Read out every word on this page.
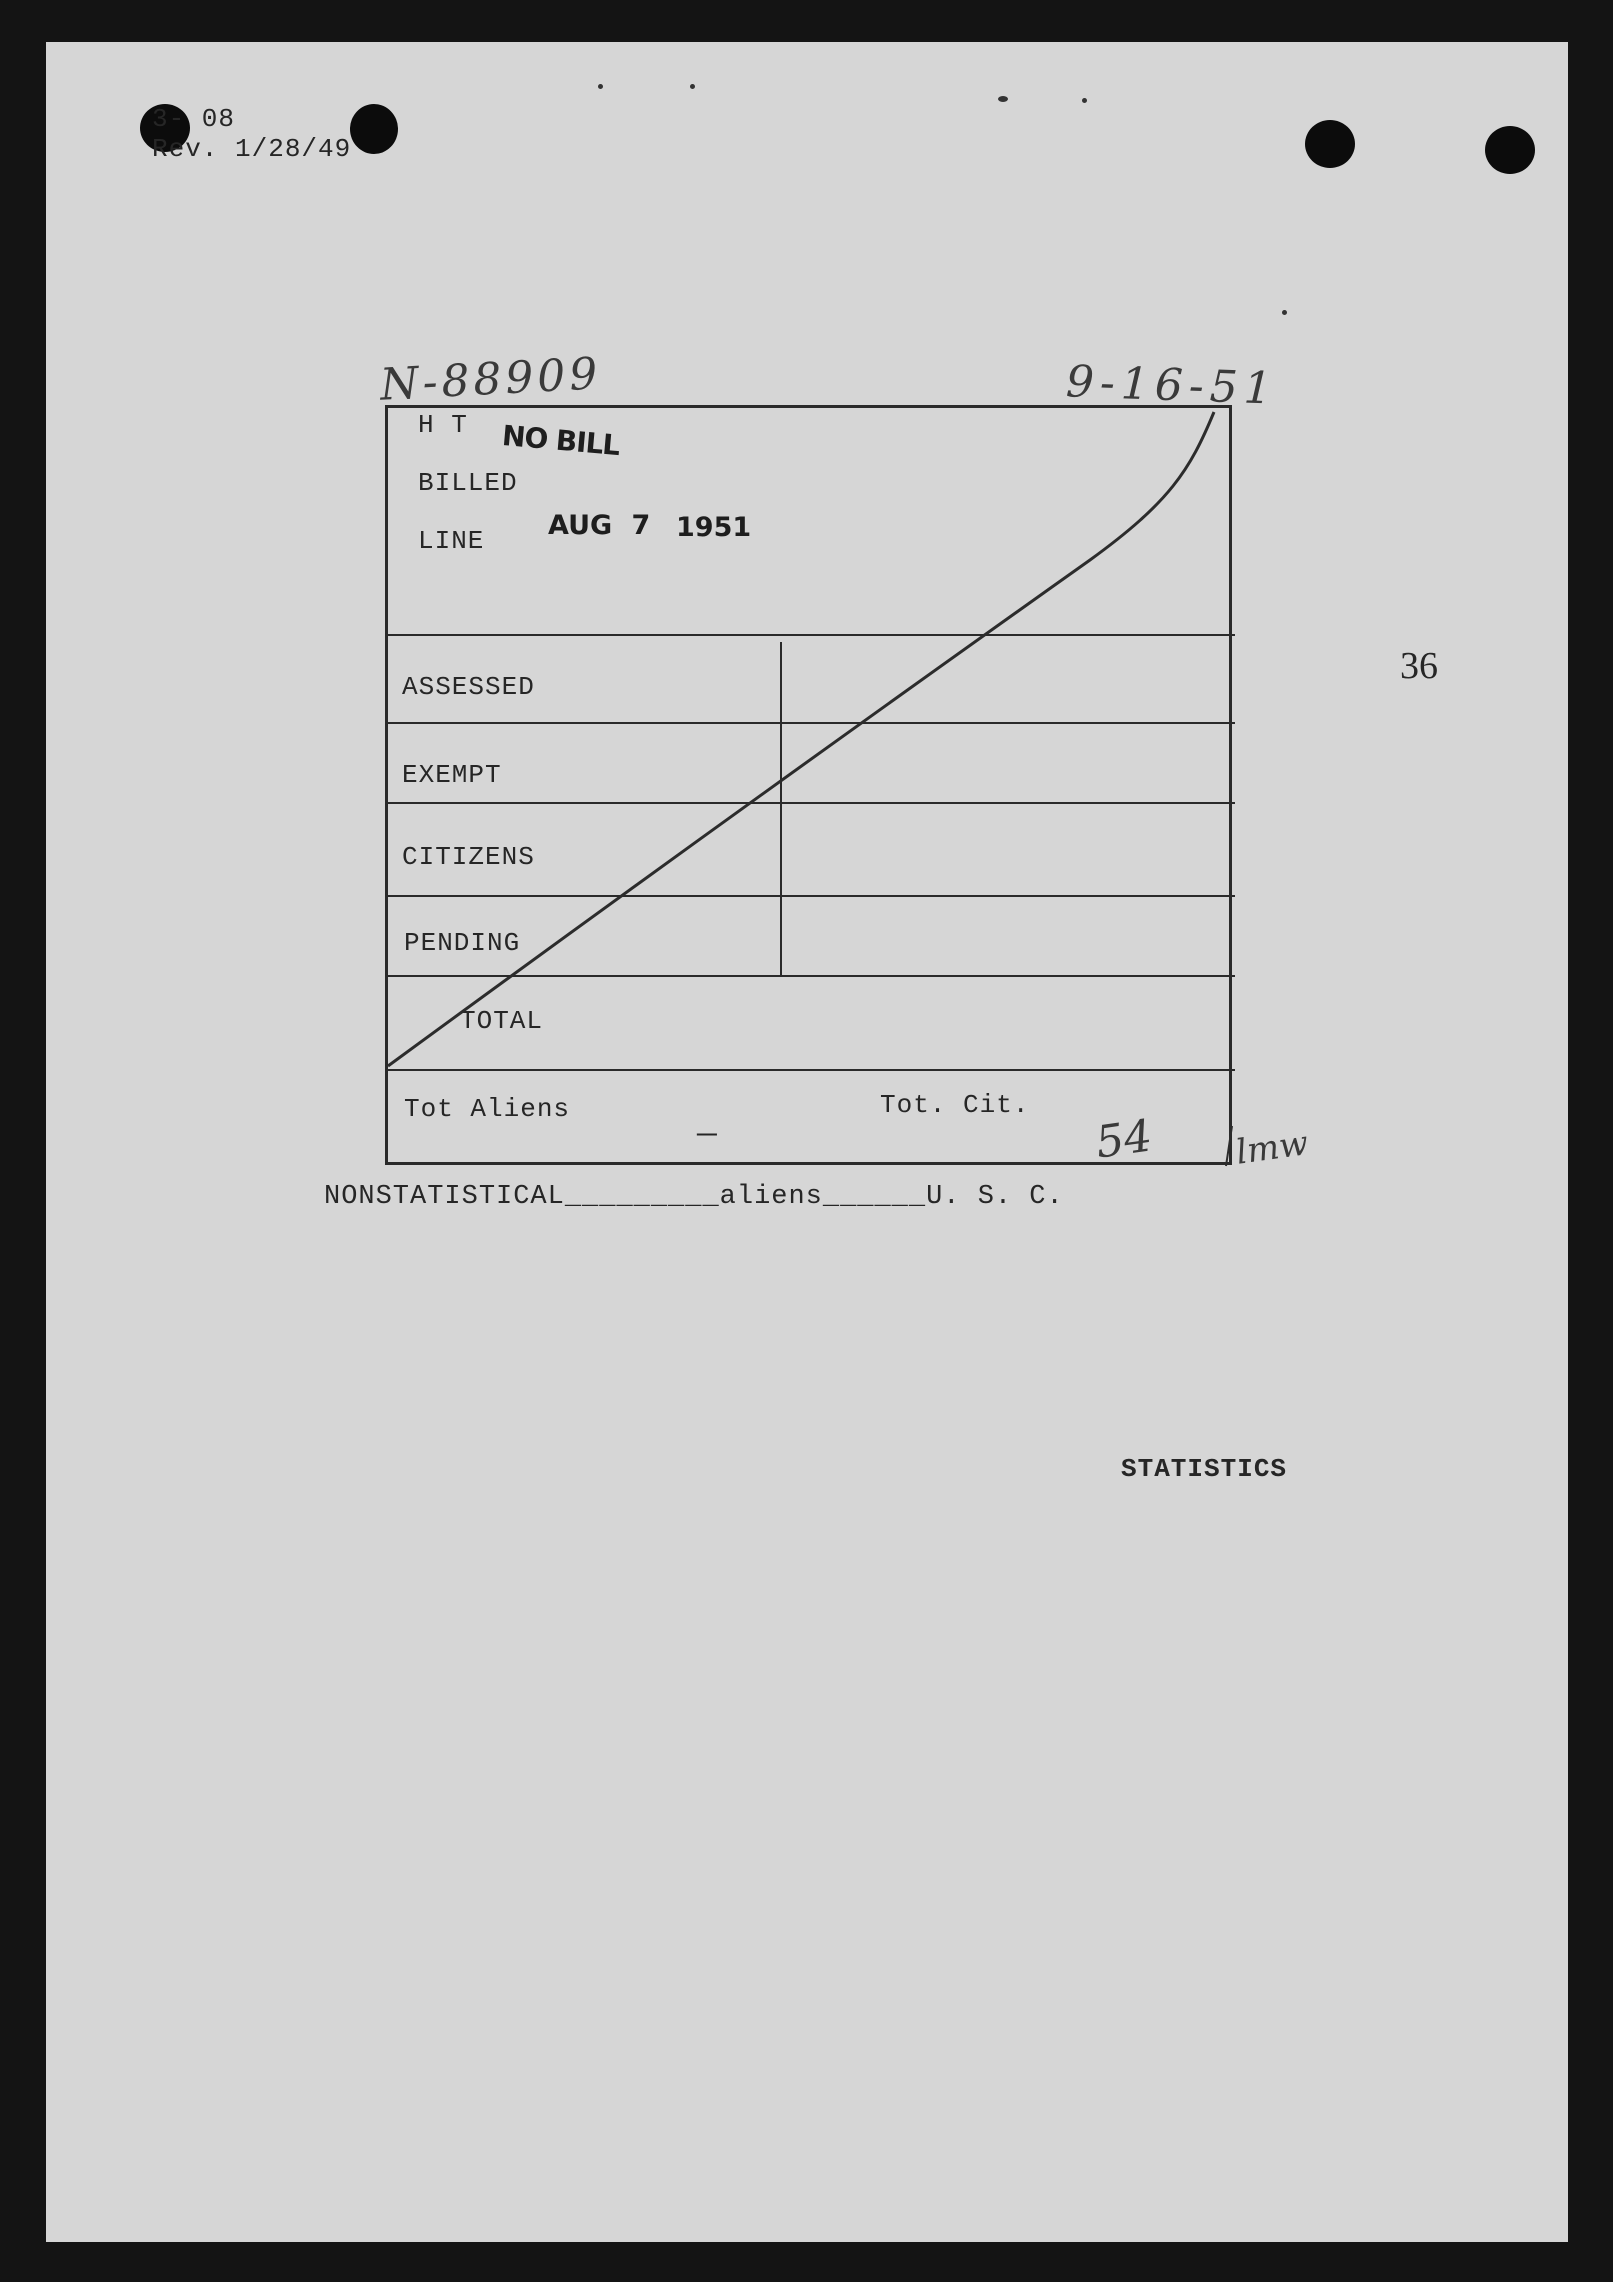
3- 08
Rev. 1/28/49
N-88909	9-16-51
H T
BILLED
LINE
NO BILL
AUG 7 1951
ASSESSED
EXEMPT
CITIZENS
PENDING
TOTAL
Tot Aliens
—
Tot. Cit.
54 lmw
NONSTATISTICAL_________aliens______U. S. C.
36
STATISTICS
